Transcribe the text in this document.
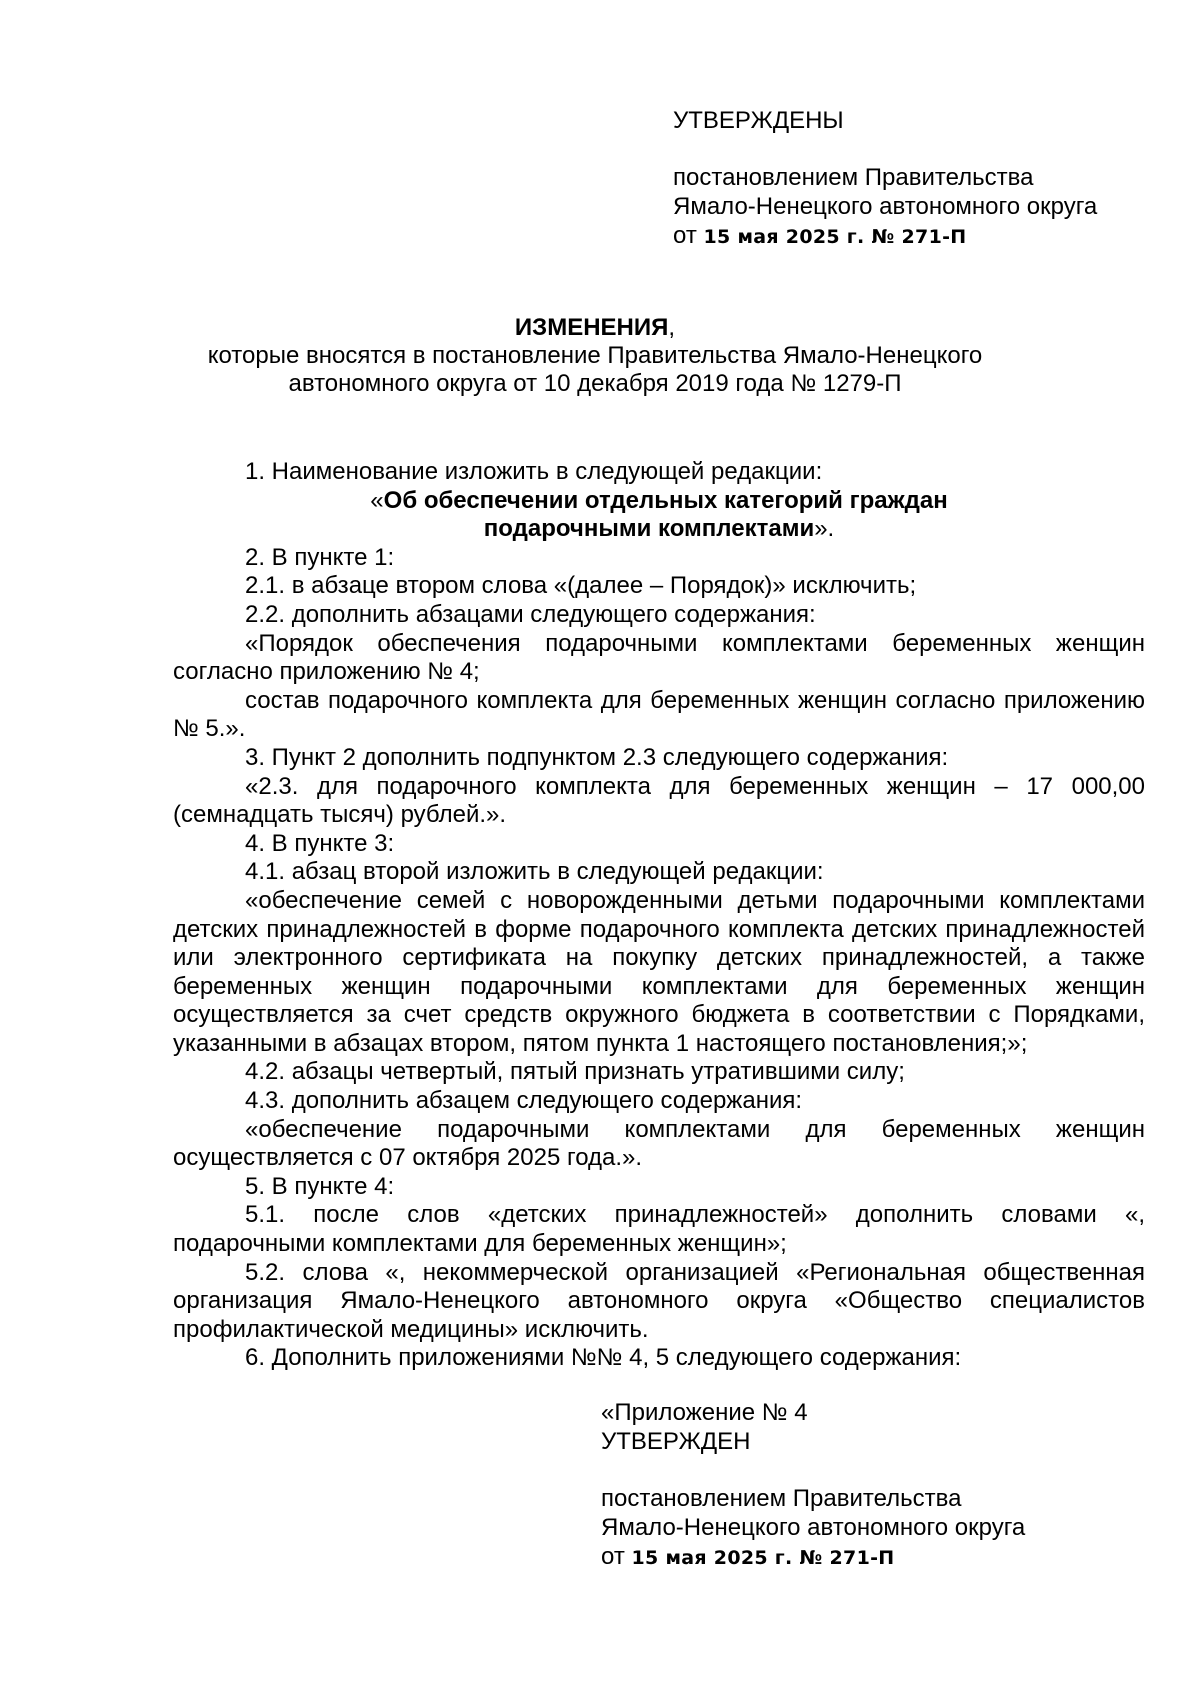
УТВЕРЖДЕНЫ
постановлением Правительства
Ямало-Ненецкого автономного округа
от 15 мая 2025 г. № 271-П
ИЗМЕНЕНИЯ,
которые вносятся в постановление Правительства Ямало-Ненецкого
автономного округа от 10 декабря 2019 года № 1279-П

1. Наименование изложить в следующей редакции:

«Об обеспечении отдельных категорий граждан

подарочными комплектами».

2. В пункте 1:

2.1. в абзаце втором слова «(далее – Порядок)» исключить;

2.2. дополнить абзацами следующего содержания:

«Порядок обеспечения подарочными комплектами беременных женщин согласно приложению № 4;

состав подарочного комплекта для беременных женщин согласно приложению № 5.».

3. Пункт 2 дополнить подпунктом 2.3 следующего содержания:

«2.3. для подарочного комплекта для беременных женщин – 17 000,00 (семнадцать тысяч) рублей.».

4. В пункте 3:

4.1. абзац второй изложить в следующей редакции:

«обеспечение семей с новорожденными детьми подарочными комплектами детских принадлежностей в форме подарочного комплекта детских принадлежностей или электронного сертификата на покупку детских принадлежностей, а также беременных женщин подарочными комплектами для беременных женщин осуществляется за счет средств окружного бюджета в соответствии с Порядками, указанными в абзацах втором, пятом пункта 1 настоящего постановления;»;

4.2. абзацы четвертый, пятый признать утратившими силу;

4.3. дополнить абзацем следующего содержания:

«обеспечение подарочными комплектами для беременных женщин осуществляется с 07 октября 2025 года.».

5. В пункте 4:

5.1. после слов «детских принадлежностей» дополнить словами «, подарочными комплектами для беременных женщин»;

5.2. слова «, некоммерческой организацией «Региональная общественная организация Ямало-Ненецкого автономного округа «Общество специалистов профилактической медицины» исключить.

6. Дополнить приложениями №№ 4, 5 следующего содержания:

«Приложение № 4
УТВЕРЖДЕН
постановлением Правительства
Ямало-Ненецкого автономного округа
от 15 мая 2025 г. № 271-П
